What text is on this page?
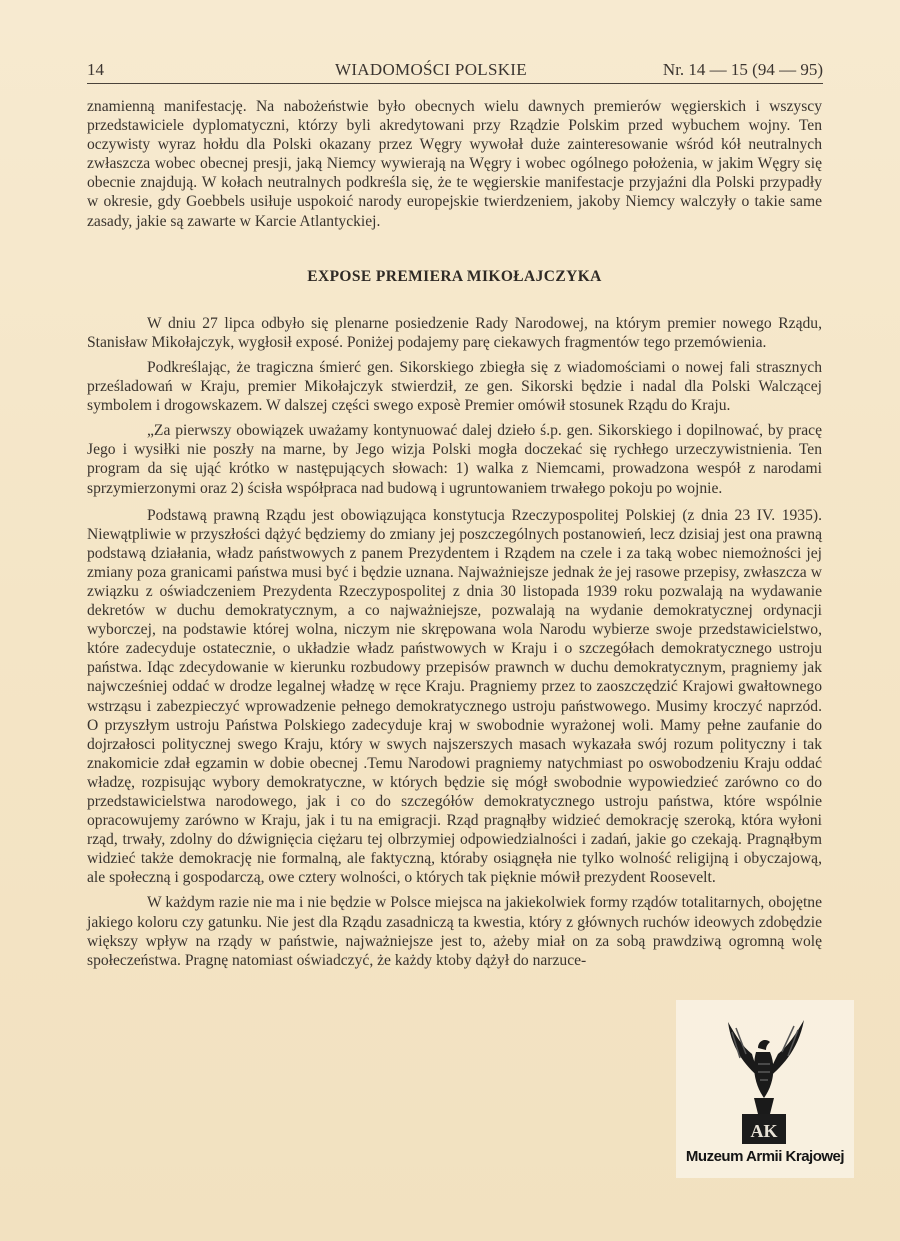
14	WIADOMOŚCI POLSKIE	Nr. 14 — 15 (94 — 95)

znamienną manifestację. Na nabożeństwie było obecnych wielu dawnych premierów węgierskich i wszyscy przedstawiciele dyplomatyczni, którzy byli akredytowani przy Rządzie Polskim przed wybuchem wojny. Ten oczywisty wyraz hołdu dla Polski okazany przez Węgry wywołał duże zainteresowanie wśród kół neutralnych zwłaszcza wobec obecnej presji, jaką Niemcy wywierają na Węgry i wobec ogólnego położenia, w jakim Węgry się obecnie znajdują. W kołach neutralnych podkreśla się, że te węgierskie manifestacje przyjaźni dla Polski przypadły w okresie, gdy Goebbels usiłuje uspokoić narody europejskie twierdzeniem, jakoby Niemcy walczyły o takie same zasady, jakie są zawarte w Karcie Atlantyckiej.

EXPOSE PREMIERA MIKOŁAJCZYKA

W dniu 27 lipca odbyło się plenarne posiedzenie Rady Narodowej, na którym premier nowego Rządu, Stanisław Mikołajczyk, wygłosił exposé. Poniżej podajemy parę ciekawych fragmentów tego przemówienia.

Podkreślając, że tragiczna śmierć gen. Sikorskiego zbiegła się z wiadomościami o nowej fali strasznych prześladowań w Kraju, premier Mikołajczyk stwierdził, ze gen. Sikorski będzie i nadal dla Polski Walczącej symbolem i drogowskazem. W dalszej części swego exposè Premier omówił stosunek Rządu do Kraju.

„Za pierwszy obowiązek uważamy kontynuować dalej dzieło ś.p. gen. Sikorskiego i dopilnować, by pracę Jego i wysiłki nie poszły na marne, by Jego wizja Polski mogła doczekać się rychłego urzeczywistnienia. Ten program da się ująć krótko w następujących słowach: 1) walka z Niemcami, prowadzona wespół z narodami sprzymierzonymi oraz 2) ścisła współpraca nad budową i ugruntowaniem trwałego pokoju po wojnie.

Podstawą prawną Rządu jest obowiązująca konstytucja Rzeczypospolitej Polskiej (z dnia 23 IV. 1935). Niewątpliwie w przyszłości dążyć będziemy do zmiany jej poszczególnych postanowień, lecz dzisiaj jest ona prawną podstawą działania, władz państwowych z panem Prezydentem i Rządem na czele i za taką wobec niemożności jej zmiany poza granicami państwa musi być i będzie uznana. Najważniejsze jednak że jej rasowe przepisy, zwłaszcza w związku z oświadczeniem Prezydenta Rzeczypospolitej z dnia 30 listopada 1939 roku pozwalają na wydawanie dekretów w duchu demokratycznym, a co najważniejsze, pozwalają na wydanie demokratycznej ordynacji wyborczej, na podstawie której wolna, niczym nie skrępowana wola Narodu wybierze swoje przedstawicielstwo, które zadecyduje ostatecznie, o układzie władz państwowych w Kraju i o szczegółach demokratycznego ustroju państwa. Idąc zdecydowanie w kierunku rozbudowy przepisów prawnch w duchu demokratycznym, pragniemy jak najwcześniej oddać w drodze legalnej władzę w ręce Kraju. Pragniemy przez to zaoszczędzić Krajowi gwałtownego wstrząsu i zabezpieczyć wprowadzenie pełnego demokratycznego ustroju państwowego. Musimy kroczyć naprzód. O przyszłym ustroju Państwa Polskiego zadecyduje kraj w swobodnie wyrażonej woli. Mamy pełne zaufanie do dojrzałosci politycznej swego Kraju, który w swych najszerszych masach wykazała swój rozum polityczny i tak znakomicie zdał egzamin w dobie obecnej .Temu Narodowi pragniemy natychmiast po oswobodzeniu Kraju oddać władzę, rozpisując wybory demokratyczne, w których będzie się mógł swobodnie wypowiedzieć zarówno co do przedstawicielstwa narodowego, jak i co do szczegółów demokratycznego ustroju państwa, które wspólnie opracowujemy zarówno w Kraju, jak i tu na emigracji. Rząd pragnąłby widzieć demokrację szeroką, która wyłoni rząd, trwały, zdolny do dźwignięcia ciężaru tej olbrzymiej odpowiedzialności i zadań, jakie go czekają. Pragnąłbym widzieć także demokrację nie formalną, ale faktyczną, któraby osiągnęła nie tylko wolność religijną i obyczajową, ale społeczną i gospodarczą, owe cztery wolności, o których tak pięknie mówił prezydent Roosevelt.

W każdym razie nie ma i nie będzie w Polsce miejsca na jakiekolwiek formy rządów totalitarnych, obojętne jakiego koloru czy gatunku. Nie jest dla Rządu zasadniczą ta kwestia, który z głównych ruchów ideowych zdobędzie większy wpływ na rządy w państwie, najważniejsze jest to, ażeby miał on za sobą prawdziwą ogromną wolę społeczeństwa. Pragnę natomiast oświadczyć, że każdy ktoby dążył do narzuce-

AK
Muzeum Armii Krajowej
